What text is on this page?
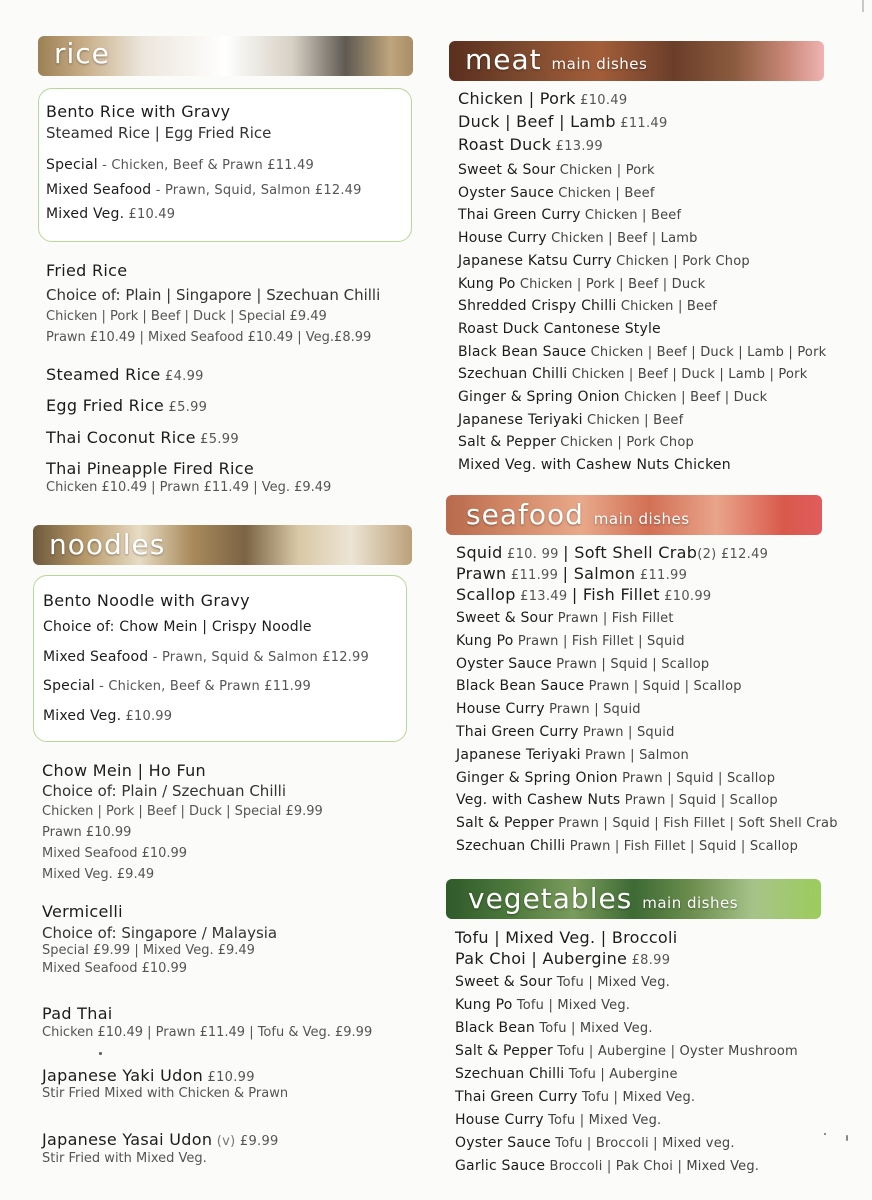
rice
Bento Rice with Gravy
Steamed Rice | Egg Fried Rice
Special - Chicken, Beef & Prawn £11.49
Mixed Seafood - Prawn, Squid, Salmon £12.49
Mixed Veg. £10.49
Fried Rice
Choice of: Plain | Singapore | Szechuan Chilli
Chicken | Pork | Beef | Duck | Special £9.49
Prawn £10.49 | Mixed Seafood £10.49 | Veg.£8.99
Steamed Rice £4.99
Egg Fried Rice £5.99
Thai Coconut Rice £5.99
Thai Pineapple Fired Rice
Chicken £10.49 | Prawn £11.49 | Veg. £9.49
noodles
Bento Noodle with Gravy
Choice of: Chow Mein | Crispy Noodle
Mixed Seafood - Prawn, Squid & Salmon £12.99
Special - Chicken, Beef & Prawn £11.99
Mixed Veg. £10.99
Chow Mein | Ho Fun
Choice of: Plain / Szechuan Chilli
Chicken | Pork | Beef | Duck | Special £9.99
Prawn £10.99
Mixed Seafood £10.99
Mixed Veg. £9.49
Vermicelli
Choice of: Singapore / Malaysia
Special £9.99 | Mixed Veg. £9.49
Mixed Seafood £10.99
Pad Thai
Chicken £10.49 | Prawn £11.49 | Tofu & Veg. £9.99
Japanese Yaki Udon £10.99
Stir Fried Mixed with Chicken & Prawn
Japanese Yasai Udon (v) £9.99
Stir Fried with Mixed Veg.
meat main dishes
Chicken | Pork £10.49
Duck | Beef | Lamb £11.49
Roast Duck £13.99
Sweet & Sour Chicken | Pork
Oyster Sauce Chicken | Beef
Thai Green Curry Chicken | Beef
House Curry Chicken | Beef | Lamb
Japanese Katsu Curry Chicken | Pork Chop
Kung Po Chicken | Pork | Beef | Duck
Shredded Crispy Chilli Chicken | Beef
Roast Duck Cantonese Style
Black Bean Sauce Chicken | Beef | Duck | Lamb | Pork
Szechuan Chilli Chicken | Beef | Duck | Lamb | Pork
Ginger & Spring Onion Chicken | Beef | Duck
Japanese Teriyaki Chicken | Beef
Salt & Pepper Chicken | Pork Chop
Mixed Veg. with Cashew Nuts Chicken
seafood main dishes
Squid £10. 99 | Soft Shell Crab(2) £12.49
Prawn £11.99 | Salmon £11.99
Scallop £13.49 | Fish Fillet £10.99
Sweet & Sour Prawn | Fish Fillet
Kung Po Prawn | Fish Fillet | Squid
Oyster Sauce Prawn | Squid | Scallop
Black Bean Sauce Prawn | Squid | Scallop
House Curry Prawn | Squid
Thai Green Curry Prawn | Squid
Japanese Teriyaki Prawn | Salmon
Ginger & Spring Onion Prawn | Squid | Scallop
Veg. with Cashew Nuts Prawn | Squid | Scallop
Salt & Pepper Prawn | Squid | Fish Fillet | Soft Shell Crab
Szechuan Chilli Prawn | Fish Fillet | Squid | Scallop
vegetables main dishes
Tofu | Mixed Veg. | Broccoli
Pak Choi | Aubergine £8.99
Sweet & Sour Tofu | Mixed Veg.
Kung Po Tofu | Mixed Veg.
Black Bean Tofu | Mixed Veg.
Salt & Pepper Tofu | Aubergine | Oyster Mushroom
Szechuan Chilli Tofu | Aubergine
Thai Green Curry Tofu | Mixed Veg.
House Curry Tofu | Mixed Veg.
Oyster Sauce Tofu | Broccoli | Mixed veg.
Garlic Sauce Broccoli | Pak Choi | Mixed Veg.
